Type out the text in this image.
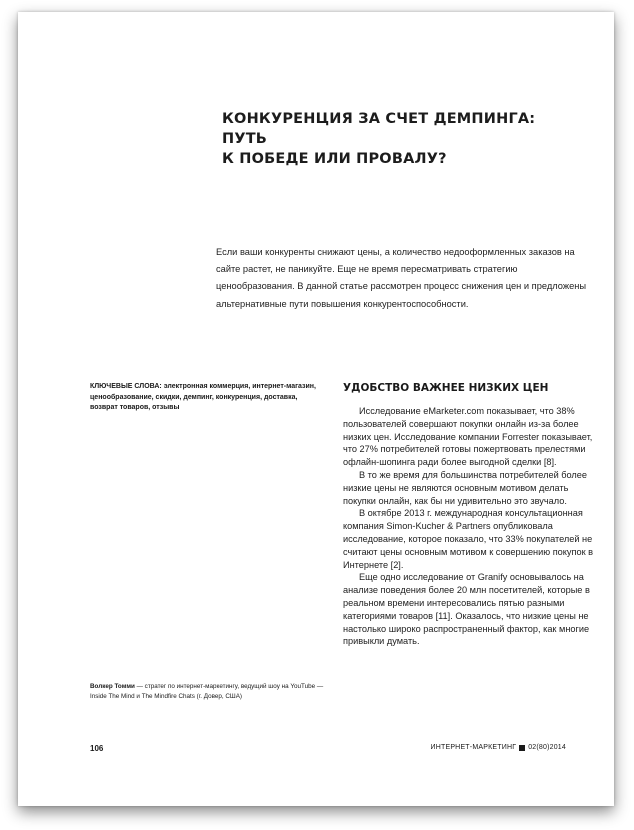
КОНКУРЕНЦИЯ ЗА СЧЕТ ДЕМПИНГА: ПУТЬ
К ПОБЕДЕ ИЛИ ПРОВАЛУ?
Если ваши конкуренты снижают цены, а количество недооформленных заказов на сайте растет, не паникуйте. Еще не время пересматривать стратегию ценообразования. В данной статье рассмотрен процесс снижения цен и предложены альтернативные пути повышения конкурентоспособности.
КЛЮЧЕВЫЕ СЛОВА: электронная коммерция, интернет-магазин, ценообразование, скидки, демпинг, конкуренция, доставка, возврат товаров, отзывы
УДОБСТВО ВАЖНЕЕ НИЗКИХ ЦЕН

Исследование eMarketer.com показывает, что 38% пользователей совершают покупки онлайн из-за более низких цен. Исследование компании Forrester показывает, что 27% потребителей готовы пожертвовать прелестями офлайн-шопинга ради более выгодной сделки [8].

В то же время для большинства потребителей более низкие цены не являются основным мотивом делать покупки онлайн, как бы ни удивительно это звучало.

В октябре 2013 г. международная консультационная компания Simon-Kucher & Partners опубликовала исследование, которое показало, что 33% покупателей не считают цены основным мотивом к совершению покупок в Интернете [2].

Еще одно исследование от Granify основывалось на анализе поведения более 20 млн посетителей, которые в реальном времени интересовались пятью разными категориями товаров [11]. Оказалось, что низкие цены не настолько широко распространенный фактор, как многие привыкли думать.

Волкер Томми — стратег по интернет-маркетингу, ведущий шоу на YouTube — Inside The Mind и The Mindfire Chats (г. Довер, США)
106	ИНТЕРНЕТ-МАРКЕТИНГ 02(80)2014
